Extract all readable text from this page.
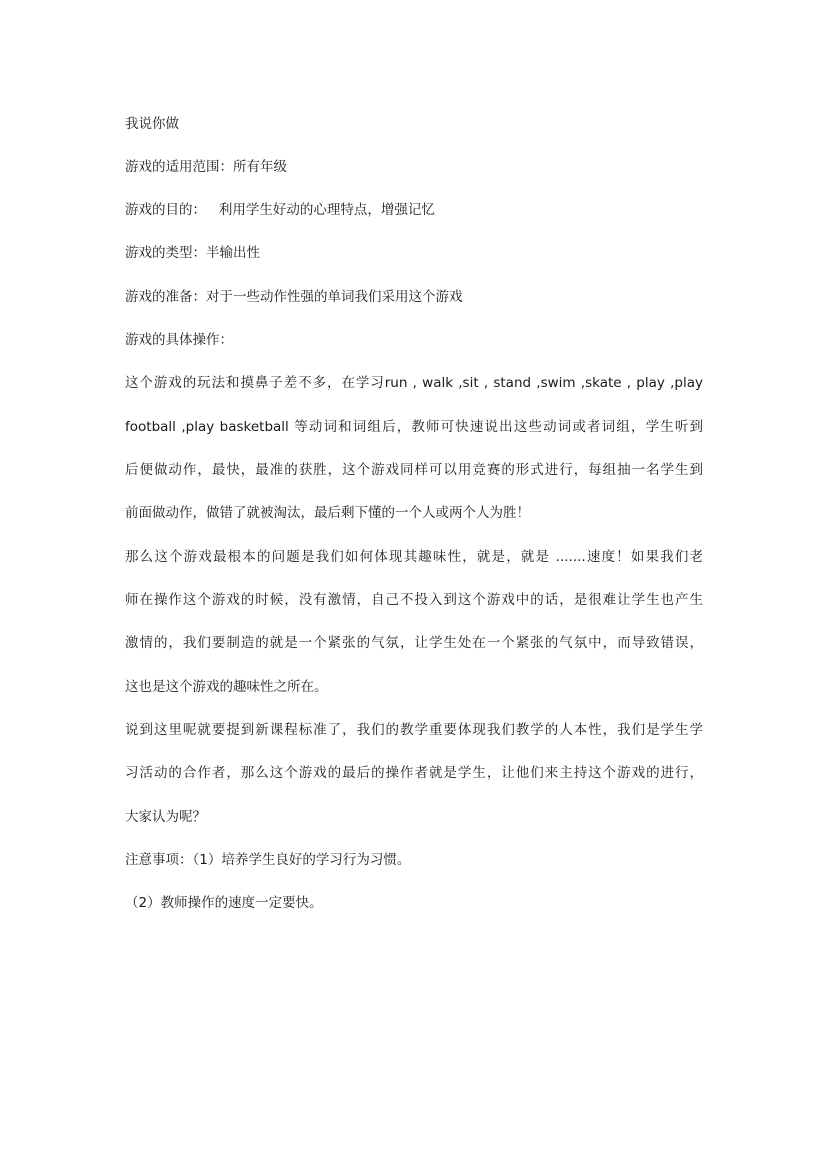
我说你做
游戏的适用范围：所有年级
游戏的目的：   利用学生好动的心理特点，增强记忆
游戏的类型：半输出性
游戏的准备：对于一些动作性强的单词我们采用这个游戏
游戏的具体操作：
这个游戏的玩法和摸鼻子差不多，在学习run , walk ,sit , stand ,swim ,skate , play ,play
football ,play basketball 等动词和词组后，教师可快速说出这些动词或者词组，学生听到
后便做动作，最快，最准的获胜，这个游戏同样可以用竞赛的形式进行，每组抽一名学生到
前面做动作，做错了就被淘汰，最后剩下懂的一个人或两个人为胜！
那么这个游戏最根本的问题是我们如何体现其趣味性，就是，就是 .......速度！如果我们老
师在操作这个游戏的时候，没有激情，自己不投入到这个游戏中的话，是很难让学生也产生
激情的，我们要制造的就是一个紧张的气氛，让学生处在一个紧张的气氛中，而导致错误，
这也是这个游戏的趣味性之所在。
说到这里呢就要提到新课程标准了，我们的教学重要体现我们教学的人本性，我们是学生学
习活动的合作者，那么这个游戏的最后的操作者就是学生，让他们来主持这个游戏的进行，
大家认为呢？
注意事项：（1）培养学生良好的学习行为习惯。
（2）教师操作的速度一定要快。
